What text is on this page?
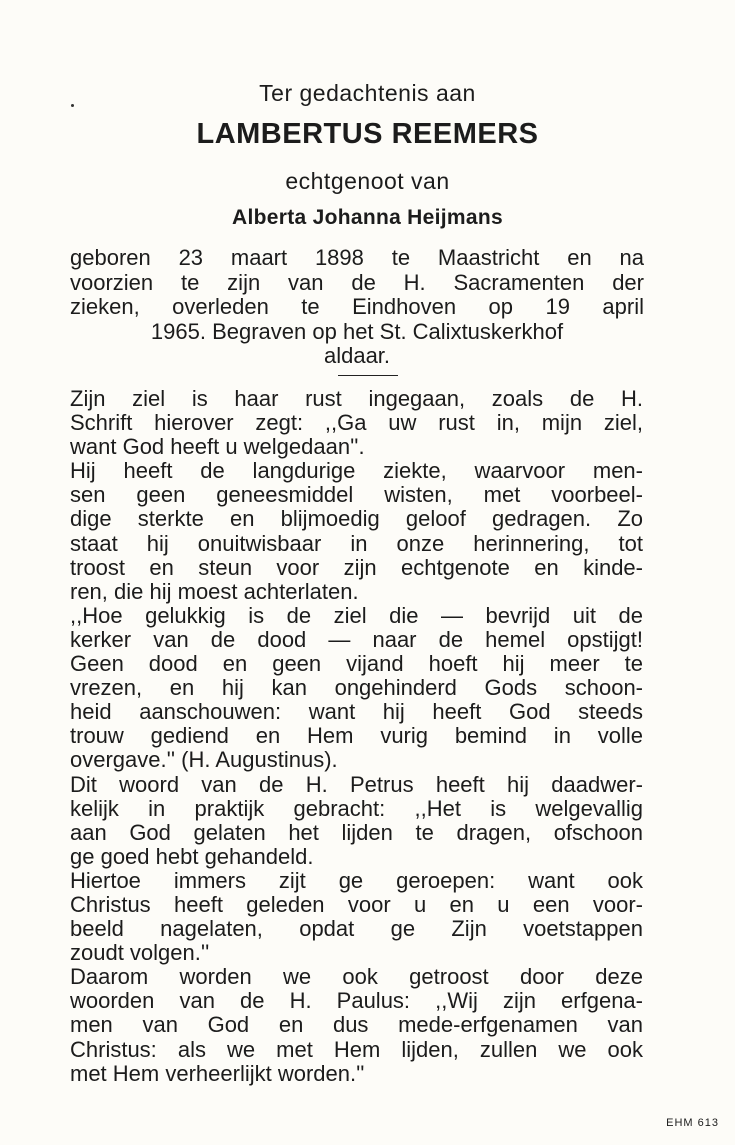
Ter gedachtenis aan
LAMBERTUS REEMERS
echtgenoot van
Alberta Johanna Heijmans
geboren 23 maart 1898 te Maastricht en na
voorzien te zijn van de H. Sacramenten der
zieken, overleden te Eindhoven op 19 april
1965. Begraven op het St. Calixtuskerkhof
aldaar.
Zijn ziel is haar rust ingegaan, zoals de H.
Schrift hierover zegt: ,,Ga uw rust in, mijn ziel,
want God heeft u welgedaan''.
Hij heeft de langdurige ziekte, waarvoor men-
sen geen geneesmiddel wisten, met voorbeel-
dige sterkte en blijmoedig geloof gedragen. Zo
staat hij onuitwisbaar in onze herinnering, tot
troost en steun voor zijn echtgenote en kinde-
ren, die hij moest achterlaten.
,,Hoe gelukkig is de ziel die — bevrijd uit de
kerker van de dood — naar de hemel opstijgt!
Geen dood en geen vijand hoeft hij meer te
vrezen, en hij kan ongehinderd Gods schoon-
heid aanschouwen: want hij heeft God steeds
trouw gediend en Hem vurig bemind in volle
overgave.'' (H. Augustinus).
Dit woord van de H. Petrus heeft hij daadwer-
kelijk in praktijk gebracht: ,,Het is welgevallig
aan God gelaten het lijden te dragen, ofschoon
ge goed hebt gehandeld.
Hiertoe immers zijt ge geroepen: want ook
Christus heeft geleden voor u en u een voor-
beeld nagelaten, opdat ge Zijn voetstappen
zoudt volgen.''
Daarom worden we ook getroost door deze
woorden van de H. Paulus: ,,Wij zijn erfgena-
men van God en dus mede-erfgenamen van
Christus: als we met Hem lijden, zullen we ook
met Hem verheerlijkt worden.''
EHM 613
